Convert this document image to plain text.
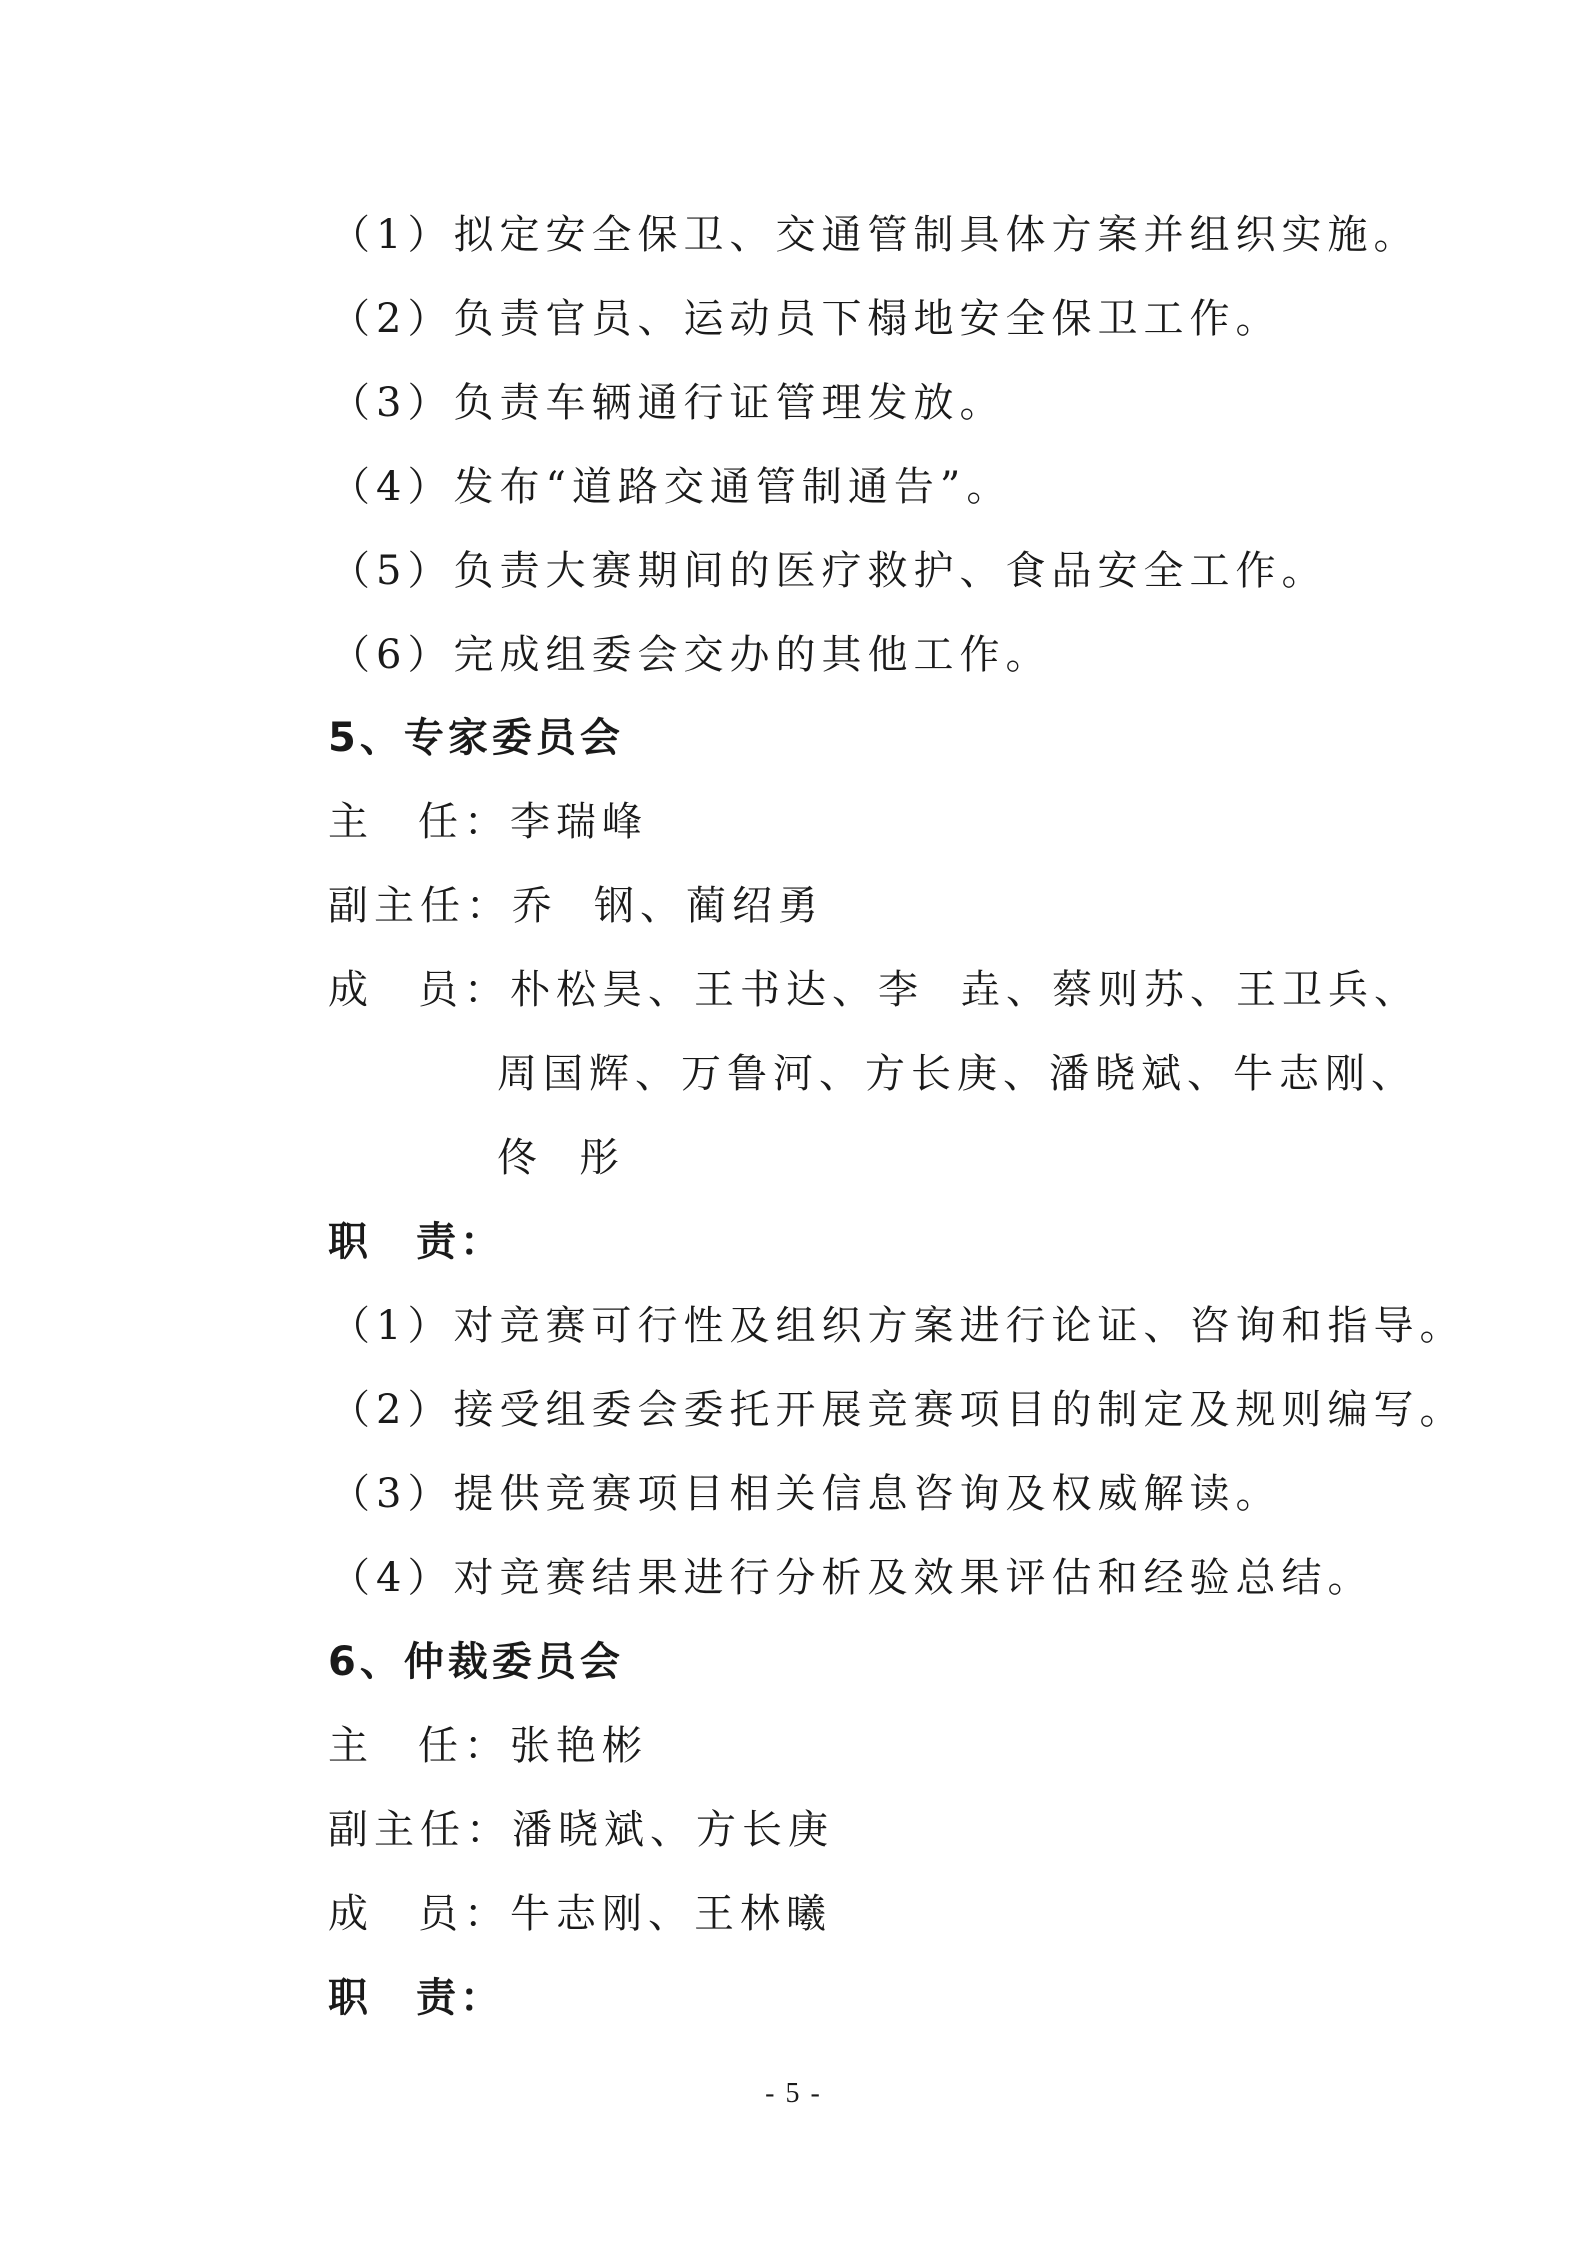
（1）拟定安全保卫、交通管制具体方案并组织实施。
（2）负责官员、运动员下榻地安全保卫工作。
（3）负责车辆通行证管理发放。
（4）发布“道路交通管制通告”。
（5）负责大赛期间的医疗救护、食品安全工作。
（6）完成组委会交办的其他工作。
5、专家委员会
主 任：李瑞峰
副主任：乔 钢、蔺绍勇
成 员：朴松昊、王书达、李 垚、蔡则苏、王卫兵、
周国辉、万鲁河、方长庚、潘晓斌、牛志刚、
佟 彤
职 责：
（1）对竞赛可行性及组织方案进行论证、咨询和指导。
（2）接受组委会委托开展竞赛项目的制定及规则编写。
（3）提供竞赛项目相关信息咨询及权威解读。
（4）对竞赛结果进行分析及效果评估和经验总结。
6、仲裁委员会
主 任：张艳彬
副主任：潘晓斌、方长庚
成 员：牛志刚、王林曦
职 责：
- 5 -
